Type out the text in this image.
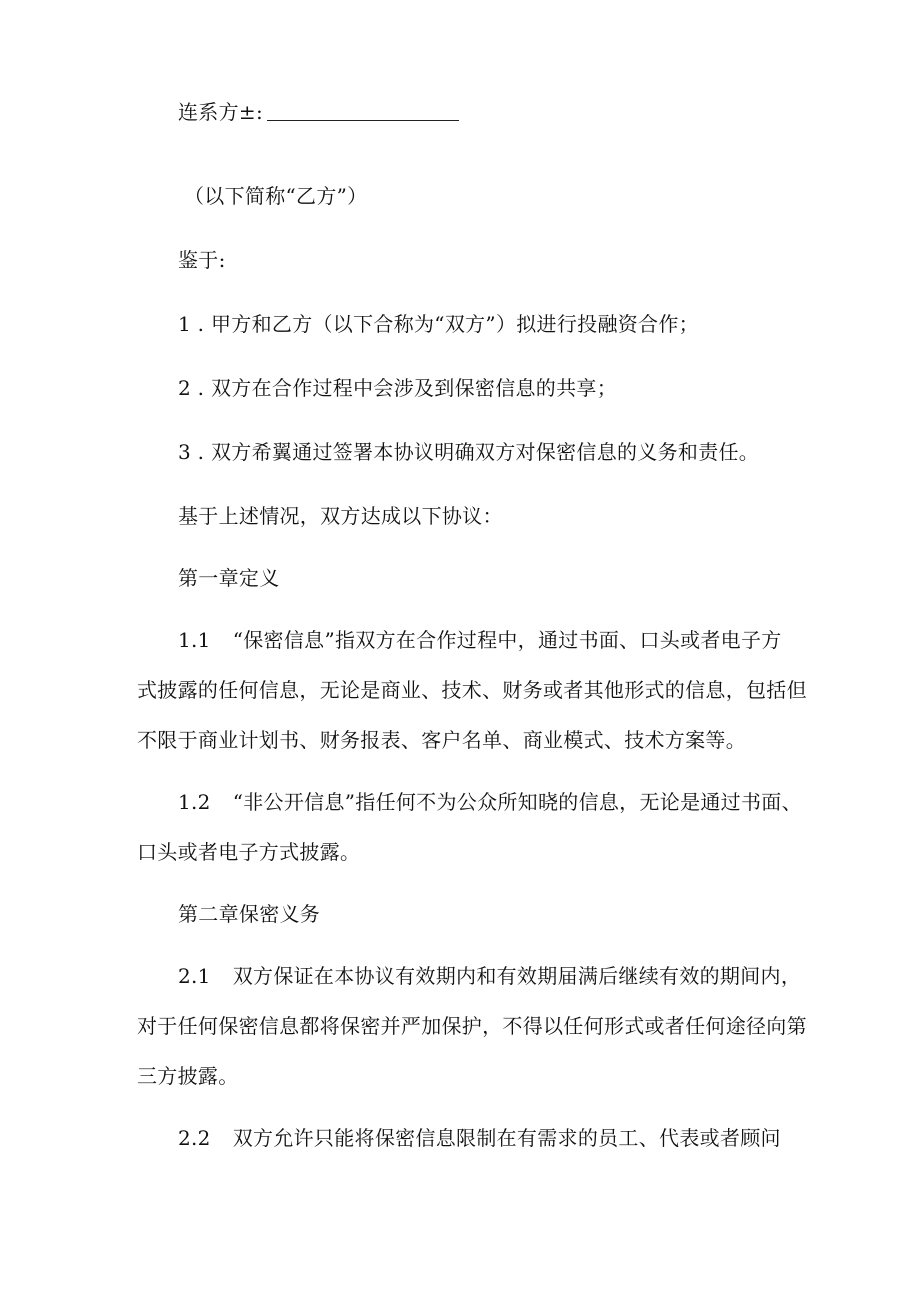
连系方±:
（以下简称“乙方”）
鉴于:
1 . 甲方和乙方（以下合称为“双方”）拟进行投融资合作；
2 . 双方在合作过程中会涉及到保密信息的共享；
3 . 双方希翼通过签署本协议明确双方对保密信息的义务和责任。
基于上述情况，双方达成以下协议：
第一章定义
1.1 “保密信息”指双方在合作过程中，通过书面、口头或者电子方
式披露的任何信息，无论是商业、技术、财务或者其他形式的信息，包括但
不限于商业计划书、财务报表、客户名单、商业模式、技术方案等。
1.2 “非公开信息”指任何不为公众所知晓的信息，无论是通过书面、
口头或者电子方式披露。
第二章保密义务
2.1 双方保证在本协议有效期内和有效期届满后继续有效的期间内，
对于任何保密信息都将保密并严加保护，不得以任何形式或者任何途径向第
三方披露。
2.2 双方允许只能将保密信息限制在有需求的员工、代表或者顾问
